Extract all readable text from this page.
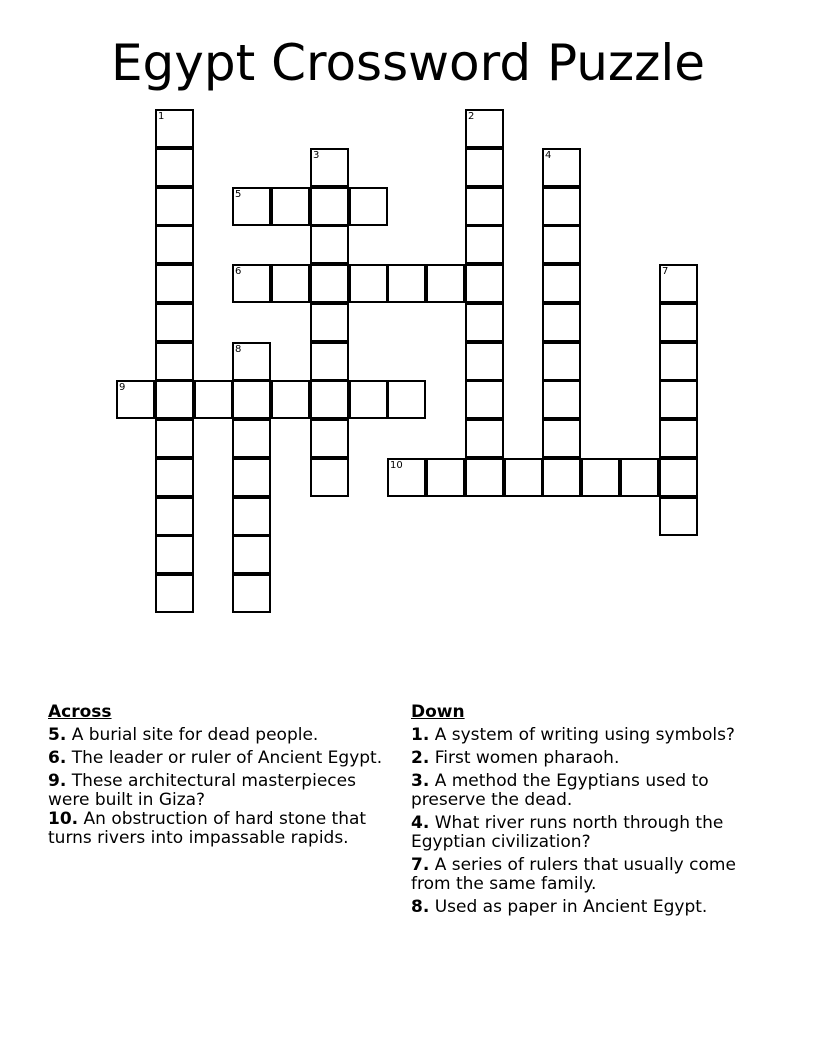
Egypt Crossword Puzzle
1	2
3	4
5
6	7
8
9
10
Across
5. A burial site for dead people.
6. The leader or ruler of Ancient Egypt.
9. These architectural masterpieces were built in Giza?
10. An obstruction of hard stone that turns rivers into impassable rapids.
Down
1. A system of writing using symbols?
2. First women pharaoh.
3. A method the Egyptians used to preserve the dead.
4. What river runs north through the Egyptian civilization?
7. A series of rulers that usually come from the same family.
8. Used as paper in Ancient Egypt.
